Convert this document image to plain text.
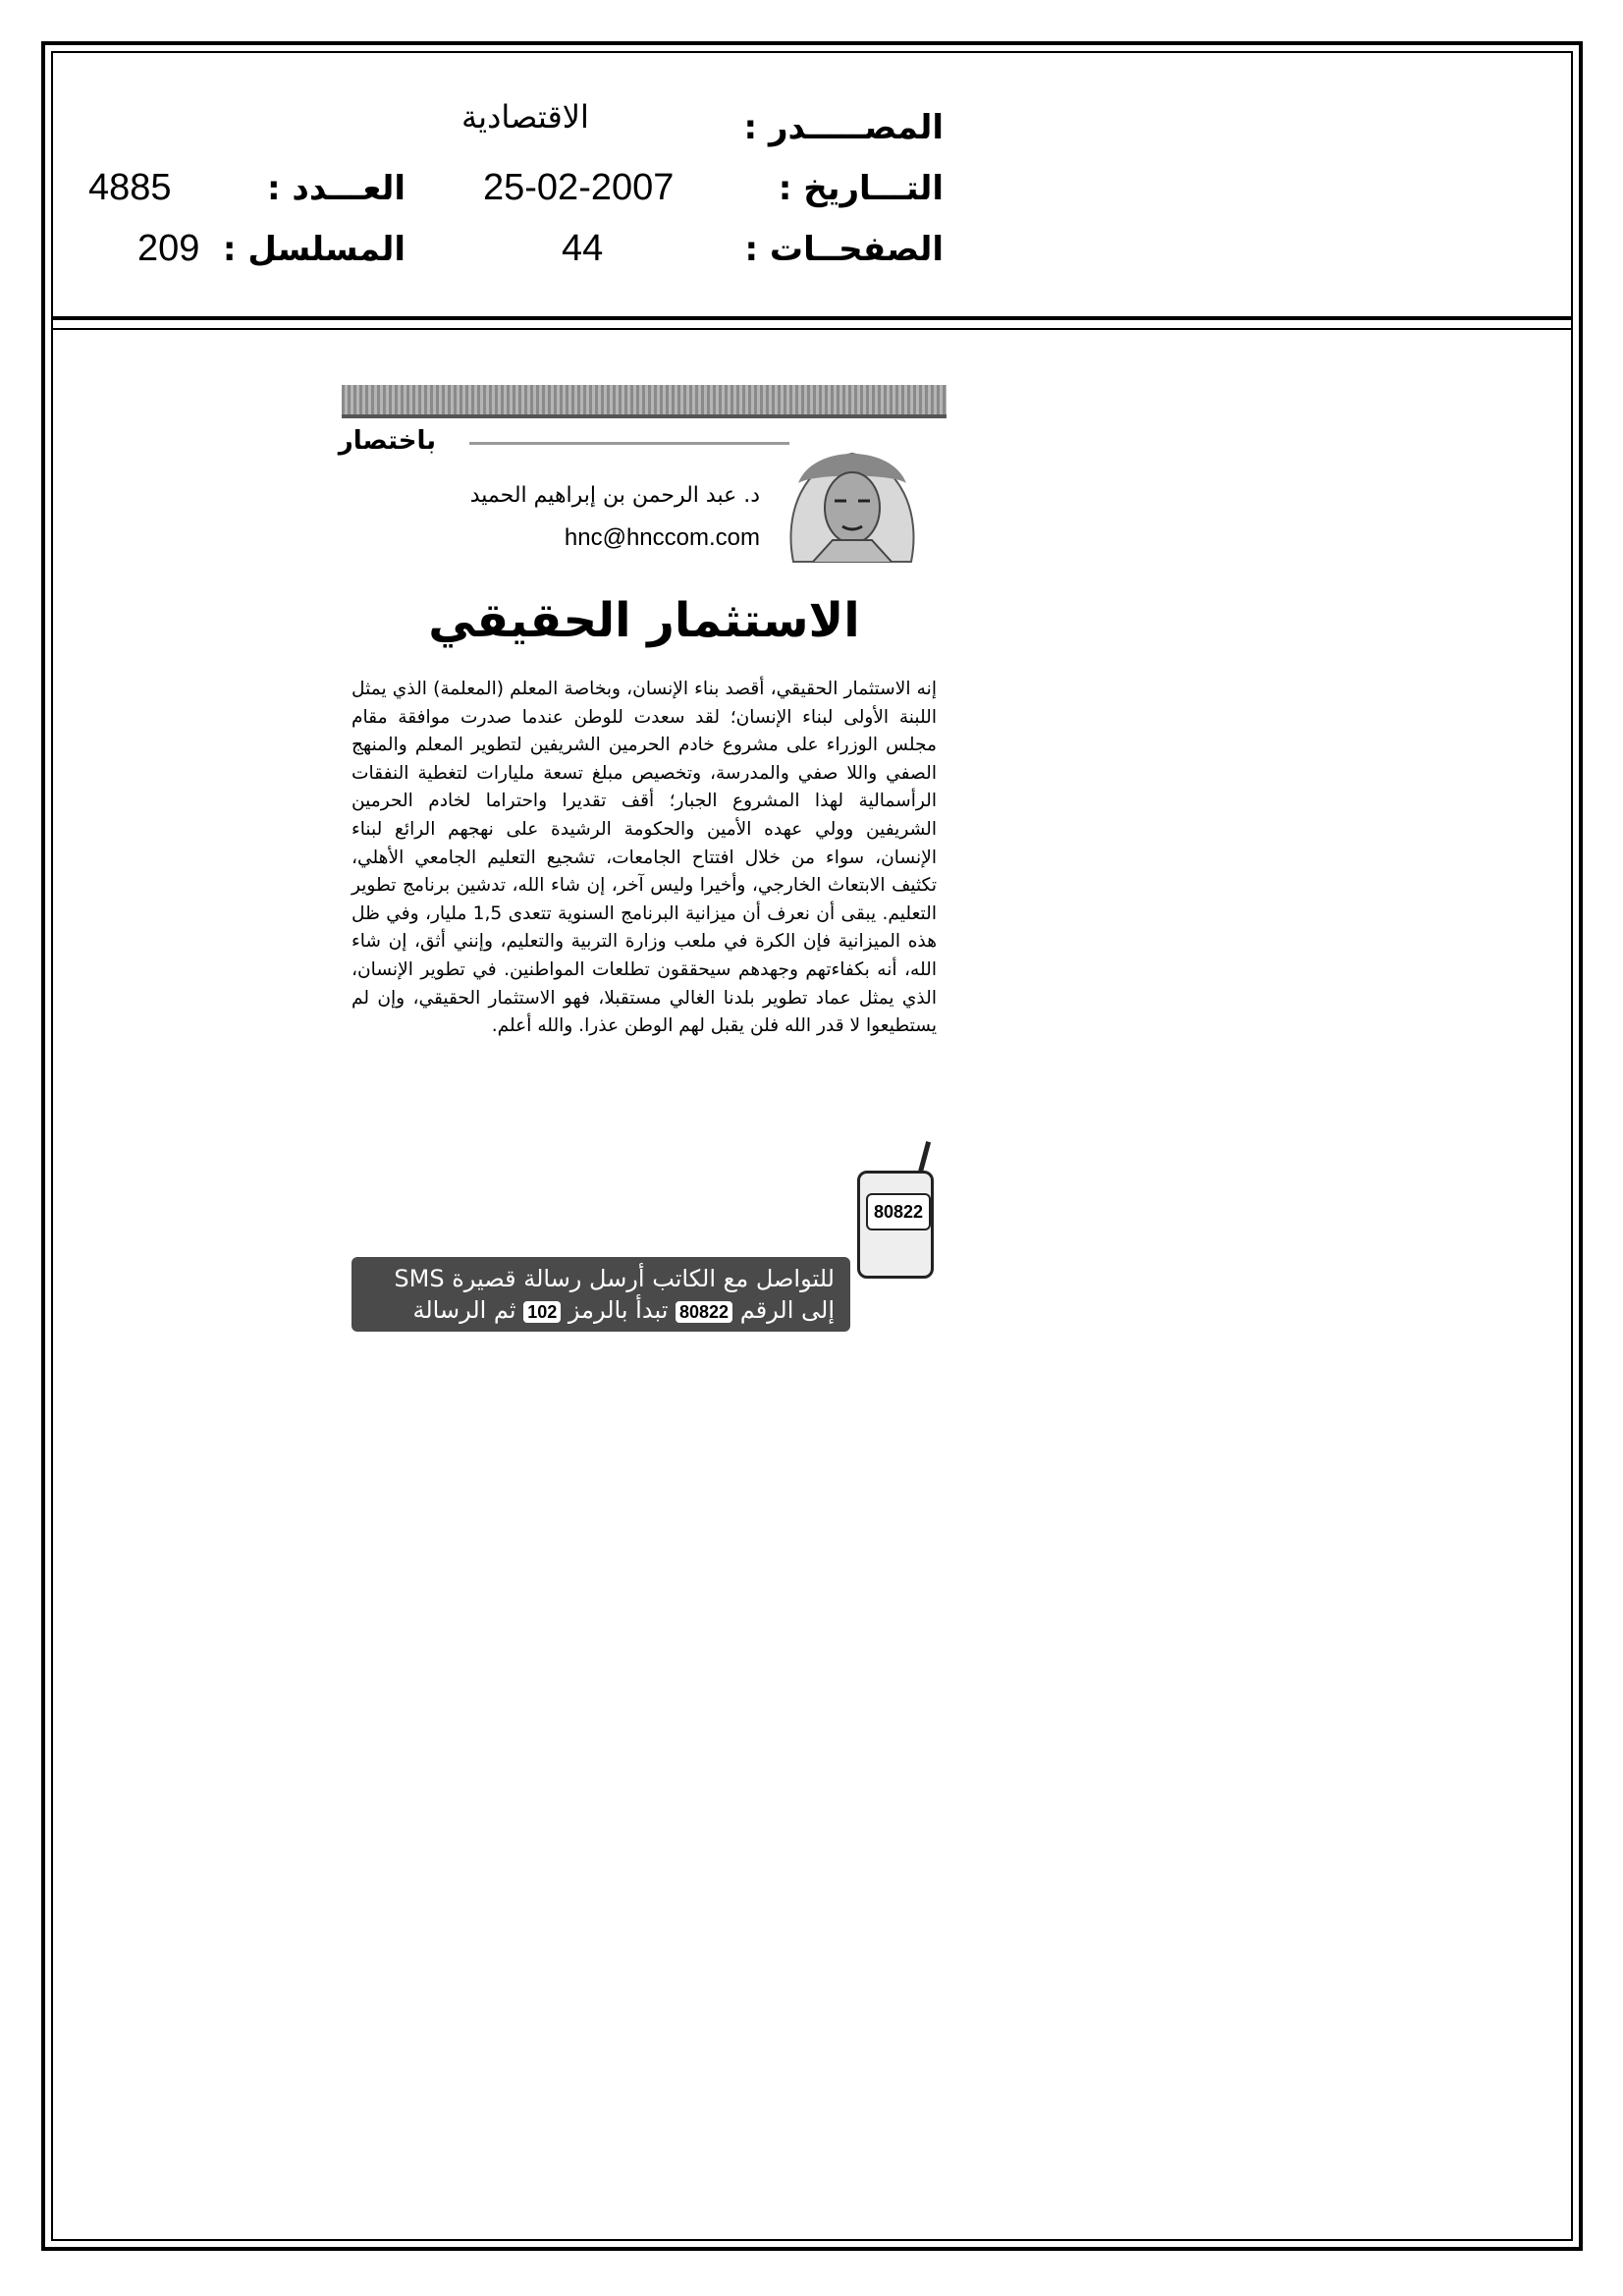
الاقتصادية	المصـــــدر :
25-02-2007	التـــاريخ :
4885	العـــدد :
44	الصفحــات :
209 المسلسل :
باختصار
د. عبد الرحمن بن إبراهيم الحميد
hnc@hnccom.com
الاستثمار الحقيقي

إنه الاستثمار الحقيقي، أقصد بناء الإنسان، وبخاصة المعلم (المعلمة) الذي يمثل اللبنة الأولى لبناء الإنسان؛ لقد سعدت للوطن عندما صدرت موافقة مقام مجلس الوزراء على مشروع خادم الحرمين الشريفين لتطوير المعلم والمنهج الصفي واللا صفي والمدرسة، وتخصيص مبلغ تسعة مليارات لتغطية النفقات الرأسمالية لهذا المشروع الجبار؛ أقف تقديرا واحتراما لخادم الحرمين الشريفين وولي عهده الأمين والحكومة الرشيدة على نهجهم الرائع لبناء الإنسان، سواء من خلال افتتاح الجامعات، تشجيع التعليم الجامعي الأهلي، تكثيف الابتعاث الخارجي، وأخيرا وليس آخر، إن شاء الله، تدشين برنامج تطوير التعليم. يبقى أن نعرف أن ميزانية البرنامج السنوية تتعدى 1,5 مليار، وفي ظل هذه الميزانية فإن الكرة في ملعب وزارة التربية والتعليم، وإنني أثق، إن شاء الله، أنه بكفاءتهم وجهدهم سيحققون تطلعات المواطنين. في تطوير الإنسان، الذي يمثل عماد تطوير بلدنا الغالي مستقبلا، فهو الاستثمار الحقيقي، وإن لم يستطيعوا لا قدر الله فلن يقبل لهم الوطن عذرا. والله أعلم.

80822
للتواصل مع الكاتب أرسل رسالة قصيرة SMS
إلى الرقم 80822 تبدأ بالرمز 102 ثم الرسالة
